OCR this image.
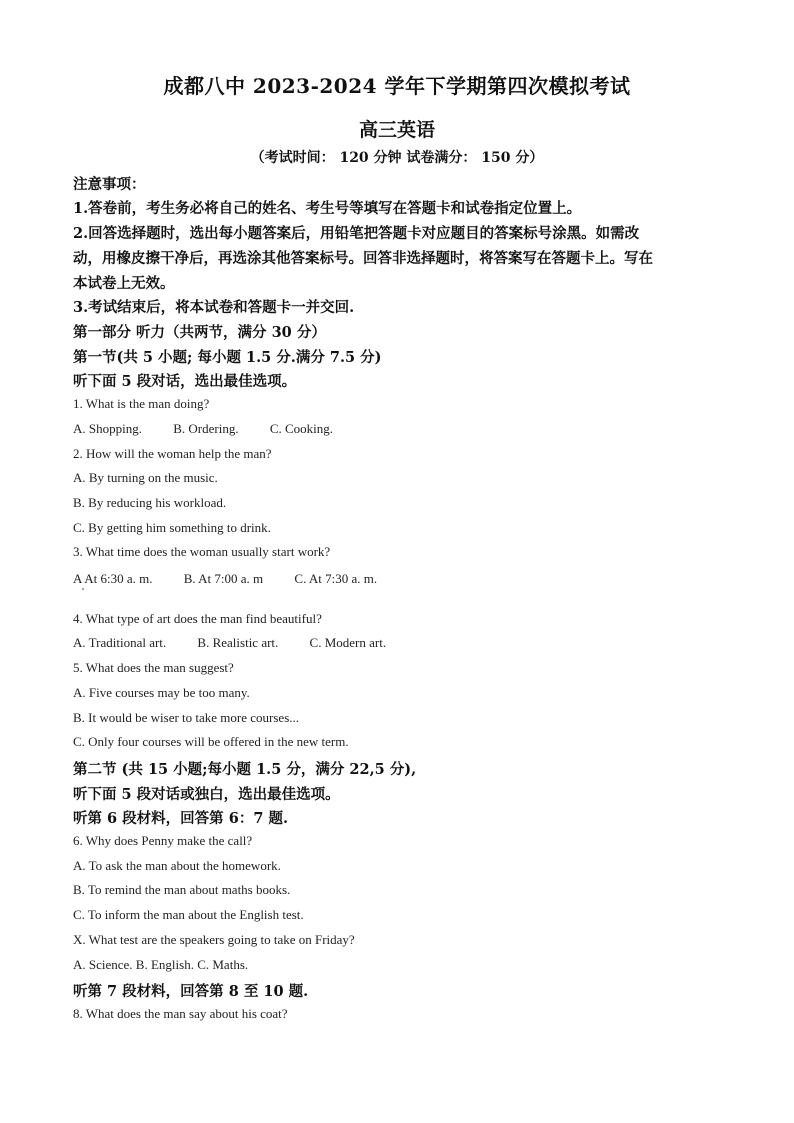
成都八中 2023-2024 学年下学期第四次模拟考试
高三英语
（考试时间： 120 分钟 试卷满分： 150 分）
注意事项：
1.答卷前，考生务必将自己的姓名、考生号等填写在答题卡和试卷指定位置上。
2.回答选择题时，选出每小题答案后，用铅笔把答题卡对应题目的答案标号涂黑。如需改
动，用橡皮擦干净后，再选涂其他答案标号。回答非选择题时，将答案写在答题卡上。写在
本试卷上无效。
3.考试结束后，将本试卷和答题卡一并交回.
第一部分 听力（共两节，满分 30 分）
第一节(共 5 小题; 每小题 1.5 分.满分 7.5 分)
听下面 5 段对话，选出最佳选项。
1. What is the man doing?
A. Shopping. B. Ordering. C. Cooking.
2. How will the woman help the man?
A. By turning on the music.
B. By reducing his workload.
C. By getting him something to drink.
3. What time does the woman usually start work?
A At 6:30 a. m. B. At 7:00 a. m C. At 7:30 a. m.
4. What type of art does the man find beautiful?
A. Traditional art. B. Realistic art. C. Modern art.
5. What does the man suggest?
A. Five courses may be too many.
B. It would be wiser to take more courses...
C. Only four courses will be offered in the new term.
第二节 (共 15 小题;每小题 1.5 分，满分 22,5 分),
听下面 5 段对话或独白，选出最佳选项。
听第 6 段材料，回答第 6：7 题.
6. Why does Penny make the call?
A. To ask the man about the homework.
B. To remind the man about maths books.
C. To inform the man about the English test.
X. What test are the speakers going to take on Friday?
A. Science. B. English. C. Maths.
听第 7 段材料，回答第 8 至 10 题.
8. What does the man say about his coat?
